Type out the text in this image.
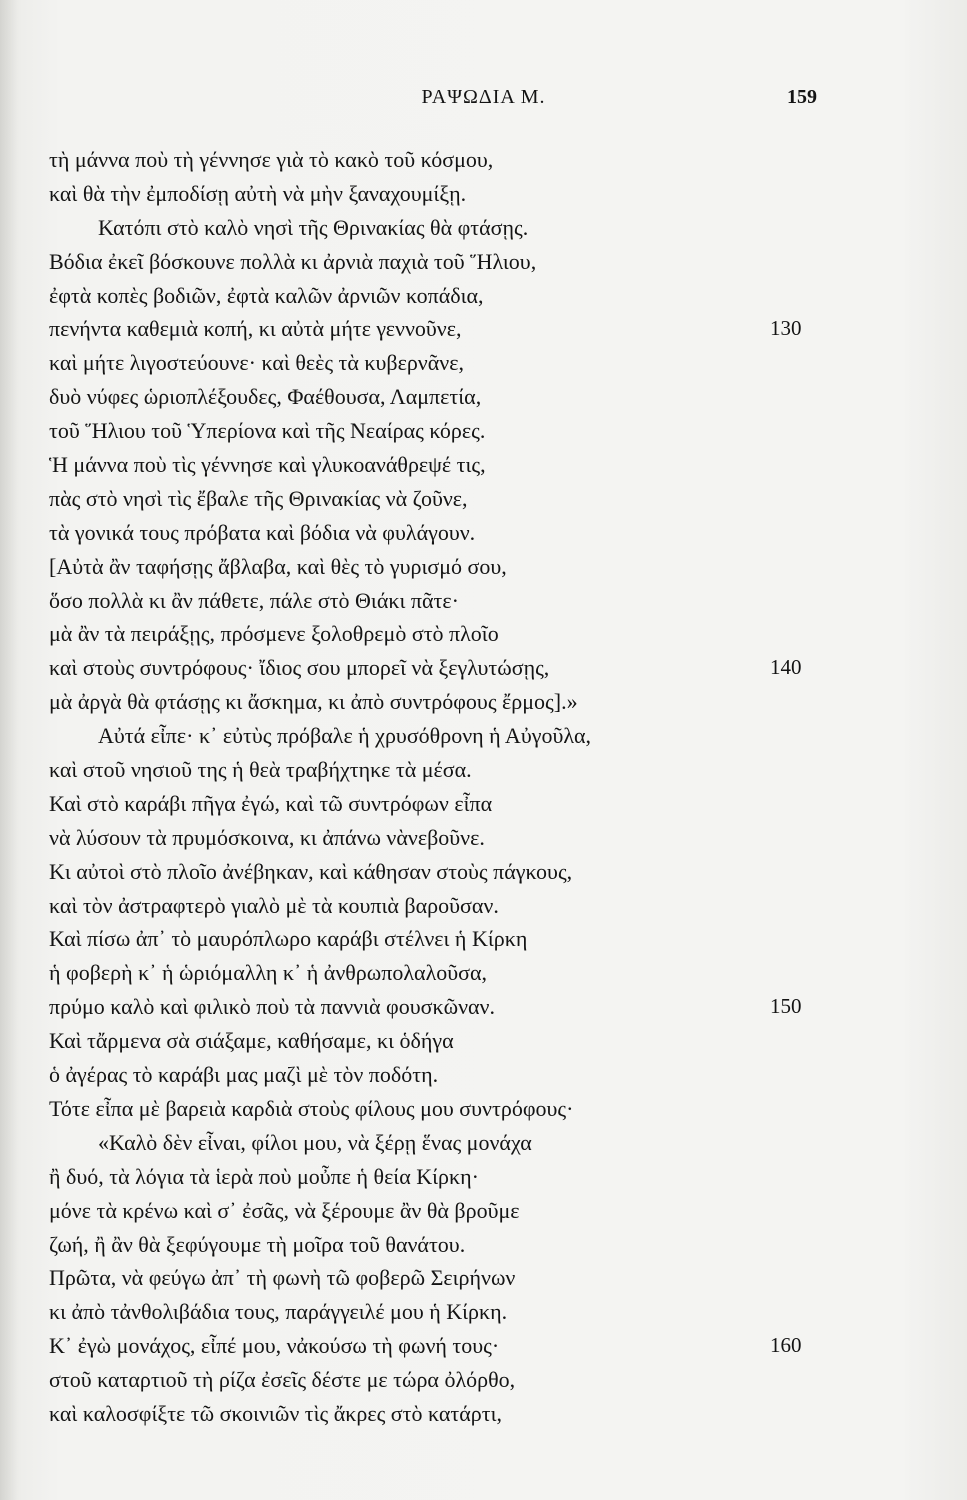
ΡΑΨΩΔΙΑ Μ.	159
τὴ μάννα ποὺ τὴ γέννησε γιὰ τὸ κακὸ τοῦ κόσμου,
καὶ θὰ τὴν ἐμποδίσῃ αὐτὴ νὰ μὴν ξαναχουμίξῃ.
Κατόπι στὸ καλὸ νησὶ τῆς Θρινακίας θὰ φτάσῃς.
Βόδια ἐκεῖ βόσκουνε πολλὰ κι ἀρνιὰ παχιὰ τοῦ Ἥλιου,
ἐφτὰ κοπὲς βοδιῶν, ἐφτὰ καλῶν ἀρνιῶν κοπάδια,
πενήντα καθεμιὰ κοπή, κι αὐτὰ μήτε γεννοῦνε,	130
καὶ μήτε λιγοστεύουνε· καὶ θεὲς τὰ κυβερνᾶνε,
δυὸ νύφες ὡριοπλέξουδες, Φαέθουσα, Λαμπετία,
τοῦ Ἥλιου τοῦ Ὑπερίονα καὶ τῆς Νεαίρας κόρες.
Ἡ μάννα ποὺ τὶς γέννησε καὶ γλυκοανάθρεψέ τις,
πὰς στὸ νησὶ τὶς ἔβαλε τῆς Θρινακίας νὰ ζοῦνε,
τὰ γονικά τους πρόβατα καὶ βόδια νὰ φυλάγουν.
[Αὐτὰ ἂν ταφήσῃς ἄβλαβα, καὶ θὲς τὸ γυρισμό σου,
ὅσο πολλὰ κι ἂν πάθετε, πάλε στὸ Θιάκι πᾶτε·
μὰ ἂν τὰ πειράξῃς, πρόσμενε ξολοθρεμὸ στὸ πλοῖο
καὶ στοὺς συντρόφους· ἴδιος σου μπορεῖ νὰ ξεγλυτώσῃς,	140
μὰ ἀργὰ θὰ φτάσῃς κι ἄσκημα, κι ἀπὸ συντρόφους ἔρμος].»
Αὐτά εἶπε· κ᾽ εὐτὺς πρόβαλε ἡ χρυσόθρονη ἡ Αὐγοῦλα,
καὶ στοῦ νησιοῦ της ἡ θεὰ τραβήχτηκε τὰ μέσα.
Καὶ στὸ καράβι πῆγα ἐγώ, καὶ τῶ συντρόφων εἶπα
νὰ λύσουν τὰ πρυμόσκοινα, κι ἀπάνω νὰνεβοῦνε.
Κι αὐτοὶ στὸ πλοῖο ἀνέβηκαν, καὶ κάθησαν στοὺς πάγκους,
καὶ τὸν ἀστραφτερὸ γιαλὸ μὲ τὰ κουπιὰ βαροῦσαν.
Καὶ πίσω ἀπ᾽ τὸ μαυρόπλωρο καράβι στέλνει ἡ Κίρκη
ἡ φοβερὴ κ᾽ ἡ ὡριόμαλλη κ᾽ ἡ ἀνθρωπολαλοῦσα,
πρύμο καλὸ καὶ φιλικὸ ποὺ τὰ παννιὰ φουσκῶναν.	150
Καὶ τἄρμενα σὰ σιάξαμε, καθήσαμε, κι ὁδήγα
ὁ ἀγέρας τὸ καράβι μας μαζὶ μὲ τὸν ποδότη.
Τότε εἶπα μὲ βαρειὰ καρδιὰ στοὺς φίλους μου συντρόφους·
«Καλὸ δὲν εἶναι, φίλοι μου, νὰ ξέρῃ ἕνας μονάχα
ἢ δυό, τὰ λόγια τὰ ἱερὰ ποὺ μοὖπε ἡ θεία Κίρκη·
μόνε τὰ κρένω καὶ σ᾽ ἐσᾶς, νὰ ξέρουμε ἂν θὰ βροῦμε
ζωή, ἢ ἂν θὰ ξεφύγουμε τὴ μοῖρα τοῦ θανάτου.
Πρῶτα, νὰ φεύγω ἀπ᾽ τὴ φωνὴ τῶ φοβερῶ Σειρήνων
κι ἀπὸ τἀνθολιβάδια τους, παράγγειλέ μου ἡ Κίρκη.
Κ᾽ ἐγὼ μονάχος, εἶπέ μου, νἀκούσω τὴ φωνή τους·	160
στοῦ καταρτιοῦ τὴ ρίζα ἐσεῖς δέστε με τώρα ὀλόρθο,
καὶ καλοσφίξτε τῶ σκοινιῶν τὶς ἄκρες στὸ κατάρτι,
